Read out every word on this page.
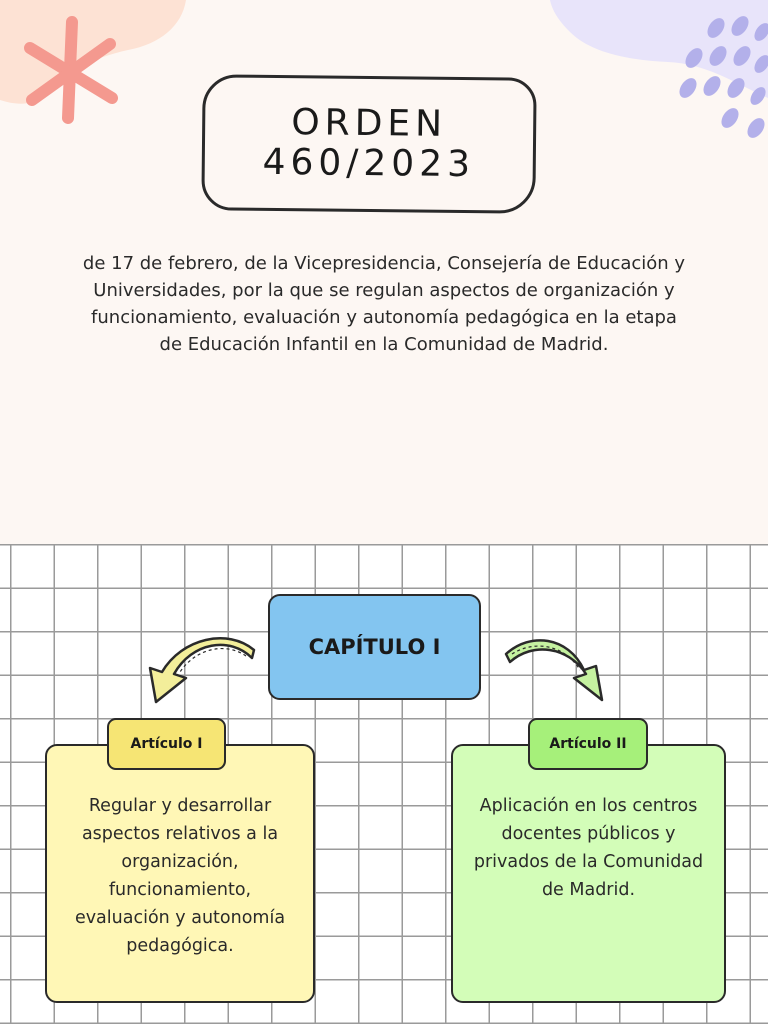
ORDEN
460/2023

de 17 de febrero, de la Vicepresidencia, Consejería de Educación y Universidades, por la que se regulan aspectos de organización y funcionamiento, evaluación y autonomía pedagógica en la etapa de Educación Infantil en la Comunidad de Madrid.

CAPÍTULO I
Regular y desarrollar aspectos relativos a la organización, funcionamiento, evaluación y autonomía pedagógica.
Artículo I
Aplicación en los centros docentes públicos y privados de la Comunidad de Madrid.
Artículo II
